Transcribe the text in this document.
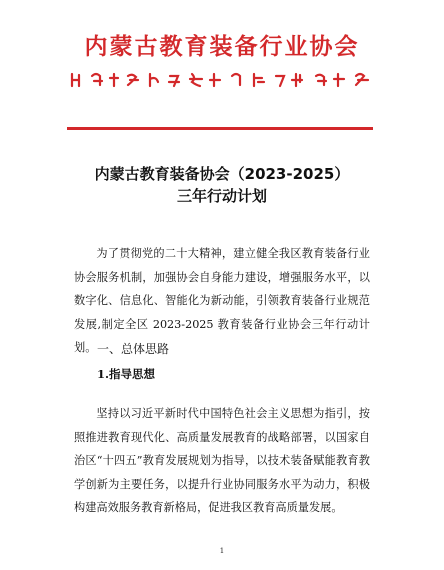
内蒙古教育装备行业协会
内蒙古教育装备协会（2023-2025）
三年行动计划

为了贯彻党的二十大精神，建立健全我区教育装备行业协会服务机制，加强协会自身能力建设，增强服务水平，以数字化、信息化、智能化为新动能，引领教育装备行业规范发展,制定全区 2023-2025 教育装备行业协会三年行动计划。 一、总体思路
1.指导思想

坚持以习近平新时代中国特色社会主义思想为指引，按照推进教育现代化、高质量发展教育的战略部署，以国家自治区“十四五”教育发展规划为指导，以技术装备赋能教育教学创新为主要任务，以提升行业协同服务水平为动力，积极构建高效服务教育新格局，促进我区教育高质量发展。

1
